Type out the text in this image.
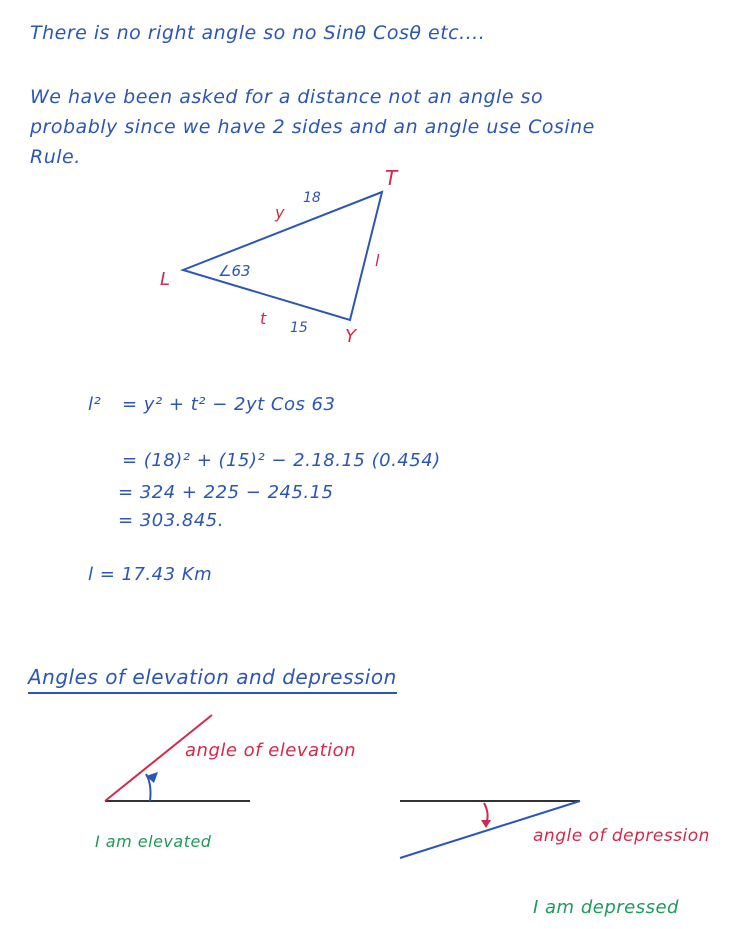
There is no right angle so no Sinθ Cosθ etc....
We have been asked for a distance not an angle so
probably since we have 2 sides and an angle use Cosine
Rule.
T
L
Y
y
18
l
t 15
∠63
l² = y² + t² − 2yt Cos 63
= (18)² + (15)² − 2.18.15 (0.454)
= 324 + 225 − 245.15
= 303.845.
l = 17.43 Km
Angles of elevation and depression
angle of elevation
I am elevated	angle of depression
I am depressed
